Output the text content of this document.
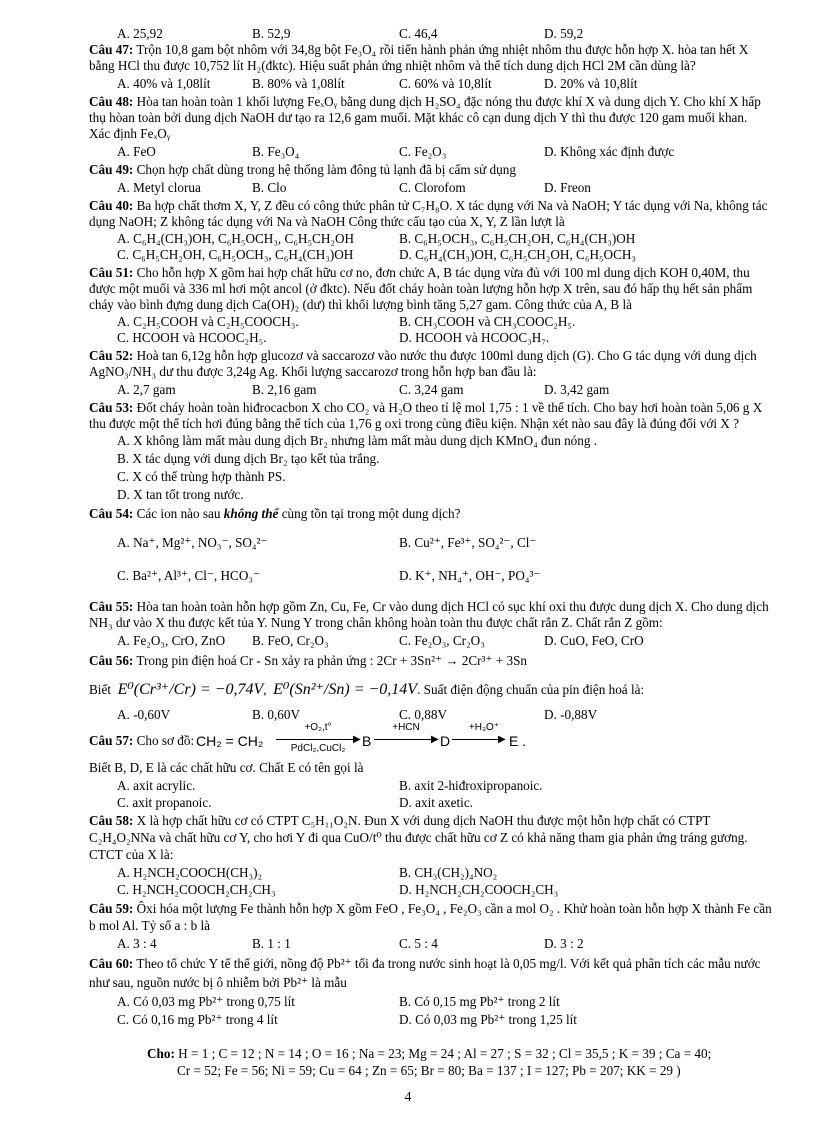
A. 25,92	B. 52,9	C. 46,4	D. 59,2
Câu 47: Trộn 10,8 gam bột nhôm với 34,8g bột Fe₃O₄ rồi tiến hành phản ứng nhiệt nhôm thu được hỗn hợp X. hòa tan hết X
bằng HCl thu được 10,752 lít H₂(đktc). Hiệu suất phản ứng nhiệt nhôm và thể tích dung dịch HCl 2M cần dùng là?
A. 40% và 1,08lít	B. 80% và 1,08lít	C. 60% và 10,8lít	D. 20% và 10,8lít
Câu 48: Hòa tan hoàn toàn 1 khối lượng FeₓOᵧ bằng dung dịch H₂SO₄ đặc nóng thu được khí X và dung dịch Y. Cho khí X hấp
thụ hòan toàn bởi dung dịch NaOH dư tạo ra 12,6 gam muối. Mặt khác cô cạn dung dịch Y thì thu được 120 gam muối khan.
Xác định FeₓOᵧ
A. FeO	B. Fe₃O₄	C. Fe₂O₃	D. Không xác định được
Câu 49: Chọn hợp chất dùng trong hệ thống làm đông tủ lạnh đã bị cấm sử dụng
A. Metyl clorua	B. Clo	C. Clorofom	D. Freon
Câu 40: Ba hợp chất thơm X, Y, Z đều có công thức phân tử C₇H₈O. X tác dụng với Na và NaOH; Y tác dụng với Na, không tác
dụng NaOH; Z không tác dụng với Na và NaOH Công thức cấu tạo của X, Y, Z lần lượt là
A. C₆H₄(CH₃)OH, C₆H₅OCH₃, C₆H₅CH₂OH	B. C₆H₅OCH₃, C₆H₅CH₂OH, C₆H₄(CH₃)OH
C. C₆H₅CH₂OH, C₆H₅OCH₃, C₆H₄(CH₃)OH	D. C₆H₄(CH₃)OH, C₆H₅CH₂OH, C₆H₅OCH₃
Câu 51: Cho hỗn hợp X gồm hai hợp chất hữu cơ no, đơn chức A, B tác dụng vừa đủ với 100 ml dung dịch KOH 0,40M, thu
được một muối và 336 ml hơi một ancol (ở đktc). Nếu đốt cháy hoàn toàn lượng hỗn hợp X trên, sau đó hấp thụ hết sản phẩm
cháy vào bình đựng dung dịch Ca(OH)₂ (dư) thì khối lượng bình tăng 5,27 gam. Công thức của A, B là
A. C₂H₅COOH và C₂H₅COOCH₃.	B. CH₃COOH và CH₃COOC₂H₅.
C. HCOOH và HCOOC₂H₅.	D. HCOOH và HCOOC₃H₇.
Câu 52: Hoà tan 6,12g hỗn hợp glucozơ và saccarozơ vào nước thu được 100ml dung dịch (G). Cho G tác dụng với dung dịch
AgNO₃/NH₃ dư thu được 3,24g Ag. Khối lượng saccarozơ trong hỗn hợp ban đầu là:
A. 2,7 gam	B. 2,16 gam	C. 3,24 gam	D. 3,42 gam
Câu 53: Đốt cháy hoàn toàn hiđrocacbon X cho CO₂ và H₂O theo tỉ lệ mol 1,75 : 1 về thể tích. Cho bay hơi hoàn toàn 5,06 g X
thu được một thể tích hơi đúng bằng thể tích của 1,76 g oxi trong cùng điều kiện. Nhận xét nào sau đây là đúng đối với X ?
A. X không làm mất màu dung dịch Br₂ nhưng làm mất màu dung dịch KMnO₄ đun nóng .
B. X tác dụng với dung dịch Br₂ tạo kết tủa trắng.
C. X có thể trùng hợp thành PS.
D. X tan tốt trong nước.
Câu 54: Các ion nào sau không thể cùng tồn tại trong một dung dịch?
A. Na⁺, Mg²⁺, NO₃⁻, SO₄²⁻	B. Cu²⁺, Fe³⁺, SO₄²⁻, Cl⁻
C. Ba²⁺, Al³⁺, Cl⁻, HCO₃⁻	D. K⁺, NH₄⁺, OH⁻, PO₄³⁻
Câu 55: Hòa tan hoàn toàn hỗn hợp gồm Zn, Cu, Fe, Cr vào dung dịch HCl có sục khí oxi thu được dung dịch X. Cho dung dịch
NH₃ dư vào X thu được kết tủa Y. Nung Y trong chân không hoàn toàn thu được chất rắn Z. Chất rắn Z gồm:
A. Fe₂O₃, CrO, ZnO B. FeO, Cr₂O₃	C. Fe₂O₃, Cr₂O₃	D. CuO, FeO, CrO
Câu 56: Trong pin điện hoá Cr - Sn xảy ra phản ứng : 2Cr + 3Sn²⁺ → 2Cr³⁺ + 3Sn
Biết E⁰(Cr³⁺/Cr) = −0,74V,  E⁰(Sn²⁺/Sn) = −0,14V. Suất điện động chuẩn của pin điện hoá là:
A. -0,60V	B. 0,60V	C. 0,88V	D. -0,88V
Câu 57: Cho sơ đồ: CH₂ = CH₂
+O₂,t°
▶
PdCl₂,CuCl₂	B
+HCN
▶ D
+H₃O⁺
▶ E .
Biết B, D, E là các chất hữu cơ. Chất E có tên gọi là
A. axit acrylic.	B. axit 2-hiđroxipropanoic.
C. axit propanoic.	D. axit axetic.
Câu 58: X là hợp chất hữu cơ có CTPT C₅H₁₁O₂N. Đun X với dung dịch NaOH thu được một hỗn hợp chất có CTPT
C₂H₄O₂NNa và chất hữu cơ Y, cho hơi Y đi qua CuO/t⁰ thu được chất hữu cơ Z có khả năng tham gia phản ứng tráng gương.
CTCT của X là:
A. H₂NCH₂COOCH(CH₃)₂	B. CH₃(CH₂)₄NO₂
C. H₂NCH₂COOCH₂CH₂CH₃	D. H₂NCH₂CH₂COOCH₂CH₃
Câu 59: Ôxi hóa một lượng Fe thành hỗn hợp X gồm FeO , Fe₃O₄ , Fe₂O₃ cần a mol O₂ . Khử hoàn toàn hỗn hợp X thành Fe cần
b mol Al. Tỷ số a : b là
A. 3 : 4	B. 1 : 1	C. 5 : 4	D. 3 : 2
Câu 60: Theo tổ chức Y tế thế giới, nồng độ Pb²⁺ tối đa trong nước sinh hoạt là 0,05 mg/l. Với kết quả phân tích các mẫu nước
như sau, nguồn nước bị ô nhiễm bởi Pb²⁺ là mẫu
A. Có 0,03 mg Pb²⁺ trong 0,75 lít	B. Có 0,15 mg Pb²⁺ trong 2 lít
C. Có 0,16 mg Pb²⁺ trong 4 lít	D. Có 0,03 mg Pb²⁺ trong 1,25 lít
Cho: H = 1 ; C = 12 ; N = 14 ; O = 16 ; Na = 23; Mg = 24 ; Al = 27 ; S = 32 ; Cl = 35,5 ; K = 39 ; Ca = 40;
Cr = 52; Fe = 56; Ni = 59; Cu = 64 ; Zn = 65; Br = 80; Ba = 137 ; I = 127; Pb = 207; KK = 29 )
4
